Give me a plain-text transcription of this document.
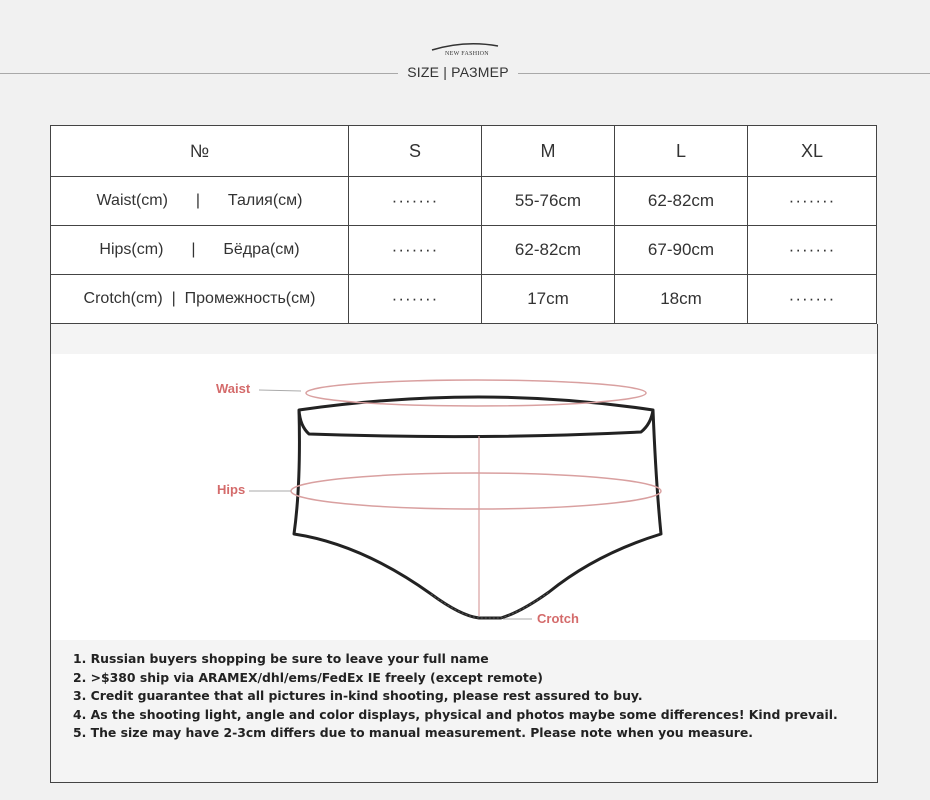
NEW FASHION
SIZE | РАЗМЕР
№	S	M	L	XL
Waist(cm) | Талия(см)	·······	55-76cm	62-82cm	·······
Hips(cm) | Бёдра(см)	·······	62-82cm	67-90cm	·······
Crotch(cm) | Промежность(см)	·······	17cm	18cm	·······
Waist
Hips
Crotch
1. Russian buyers shopping be sure to leave your full name
2. >$380 ship via ARAMEX/dhl/ems/FedEx IE freely (except remote)
3. Credit guarantee that all pictures in-kind shooting, please rest assured to buy.
4. As the shooting light, angle and color displays, physical and photos maybe some differences! Kind prevail.
5. The size may have 2-3cm differs due to manual measurement. Please note when you measure.
